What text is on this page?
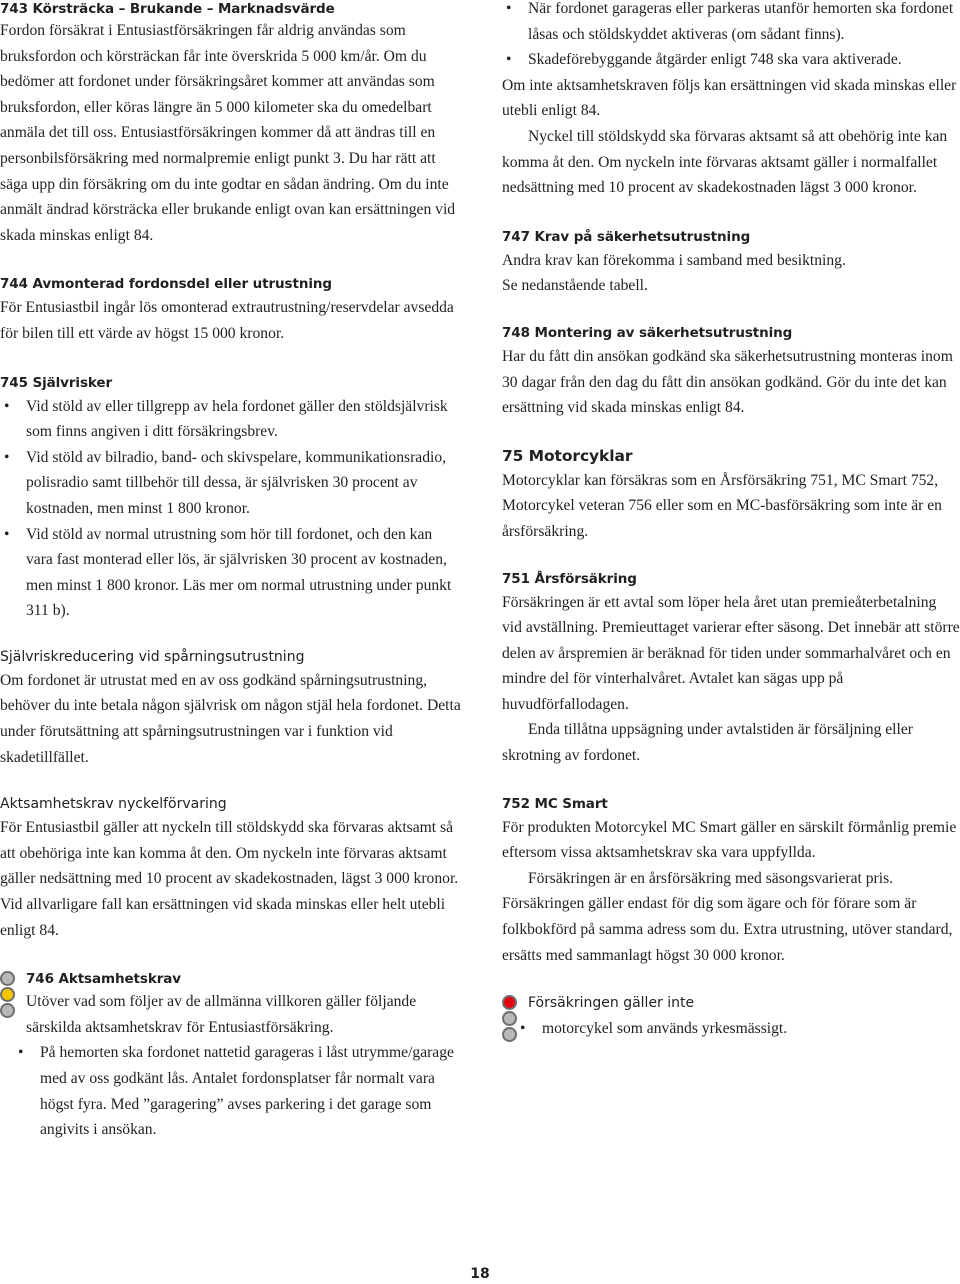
743 Körsträcka – Brukande – Marknadsvärde

Fordon försäkrat i Entusiastförsäkringen får aldrig användas som bruksfordon och körsträckan får inte överskrida 5 000 km/år. Om du bedömer att fordonet under försäkringsåret kommer att användas som bruksfordon, eller köras längre än 5 000 kilometer ska du omedelbart anmäla det till oss. Entusiastförsäkringen kommer då att ändras till en personbilsförsäkring med normalpremie enligt punkt 3. Du har rätt att säga upp din försäkring om du inte godtar en sådan ändring. Om du inte anmält ändrad körsträcka eller brukande enligt ovan kan ersättningen vid skada minskas enligt 84.

744 Avmonterad fordonsdel eller utrustning

För Entusiastbil ingår lös omonterad extrautrustning/reservdelar avsedda för bilen till ett värde av högst 15 000 kronor.

745 Självrisker
• Vid stöld av eller tillgrepp av hela fordonet gäller den stöldsjälvrisk som finns angiven i ditt försäkringsbrev.
• Vid stöld av bilradio, band- och skivspelare, kommunikationsradio, polisradio samt tillbehör till dessa, är självrisken 30 procent av kostnaden, men minst 1 800 kronor.
• Vid stöld av normal utrustning som hör till fordonet, och den kan vara fast monterad eller lös, är självrisken 30 procent av kostnaden, men minst 1 800 kronor. Läs mer om normal utrustning under punkt 311 b).
Självriskreducering vid spårningsutrustning

Om fordonet är utrustat med en av oss godkänd spårningsutrustning, behöver du inte betala någon självrisk om någon stjäl hela fordonet. Detta under förutsättning att spårningsutrustningen var i funktion vid skadetillfället.

Aktsamhetskrav nyckelförvaring

För Entusiastbil gäller att nyckeln till stöldskydd ska förvaras aktsamt så att obehöriga inte kan komma åt den. Om nyckeln inte förvaras aktsamt gäller nedsättning med 10 procent av skadekostnaden, lägst 3 000 kronor. Vid allvarligare fall kan ersättningen vid skada minskas eller helt utebli enligt 84.

746 Aktsamhetskrav

Utöver vad som följer av de allmänna villkoren gäller följande särskilda aktsamhetskrav för Entusiastförsäkring.

• På hemorten ska fordonet nattetid garageras i låst utrymme/garage med av oss godkänt lås. Antalet fordonsplatser får normalt vara högst fyra. Med ”garagering” avses parkering i det garage som angivits i ansökan.
• När fordonet garageras eller parkeras utanför hemorten ska fordonet låsas och stöldskyddet aktiveras (om sådant finns).
• Skadeförebyggande åtgärder enligt 748 ska vara aktiverade.

Om inte aktsamhetskraven följs kan ersättningen vid skada minskas eller utebli enligt 84.

Nyckel till stöldskydd ska förvaras aktsamt så att obehörig inte kan komma åt den. Om nyckeln inte förvaras aktsamt gäller i normalfallet nedsättning med 10 procent av skadekostnaden lägst 3 000 kronor.

747 Krav på säkerhetsutrustning

Andra krav kan förekomma i samband med besiktning.

Se nedanstående tabell.

748 Montering av säkerhetsutrustning

Har du fått din ansökan godkänd ska säkerhetsutrustning monteras inom 30 dagar från den dag du fått din ansökan godkänd. Gör du inte det kan ersättning vid skada minskas enligt 84.

75 Motorcyklar

Motorcyklar kan försäkras som en Årsförsäkring 751, MC Smart 752, Motorcykel veteran 756 eller som en MC-basförsäkring som inte är en årsförsäkring.

751 Årsförsäkring

Försäkringen är ett avtal som löper hela året utan premieåterbetalning vid avställning. Premieuttaget varierar efter säsong. Det innebär att större delen av årspremien är beräknad för tiden under sommarhalvåret och en mindre del för vinterhalvåret. Avtalet kan sägas upp på huvudförfallodagen.

Enda tillåtna uppsägning under avtalstiden är försäljning eller skrotning av fordonet.

752 MC Smart

För produkten Motorcykel MC Smart gäller en särskilt förmånlig premie eftersom vissa aktsamhetskrav ska vara uppfyllda.

Försäkringen är en årsförsäkring med säsongsvarierat pris. Försäkringen gäller endast för dig som ägare och för förare som är folkbokförd på samma adress som du. Extra utrustning, utöver standard, ersätts med sammanlagt högst 30 000 kronor.

Försäkringen gäller inte
• motorcykel som används yrkesmässigt.
18
